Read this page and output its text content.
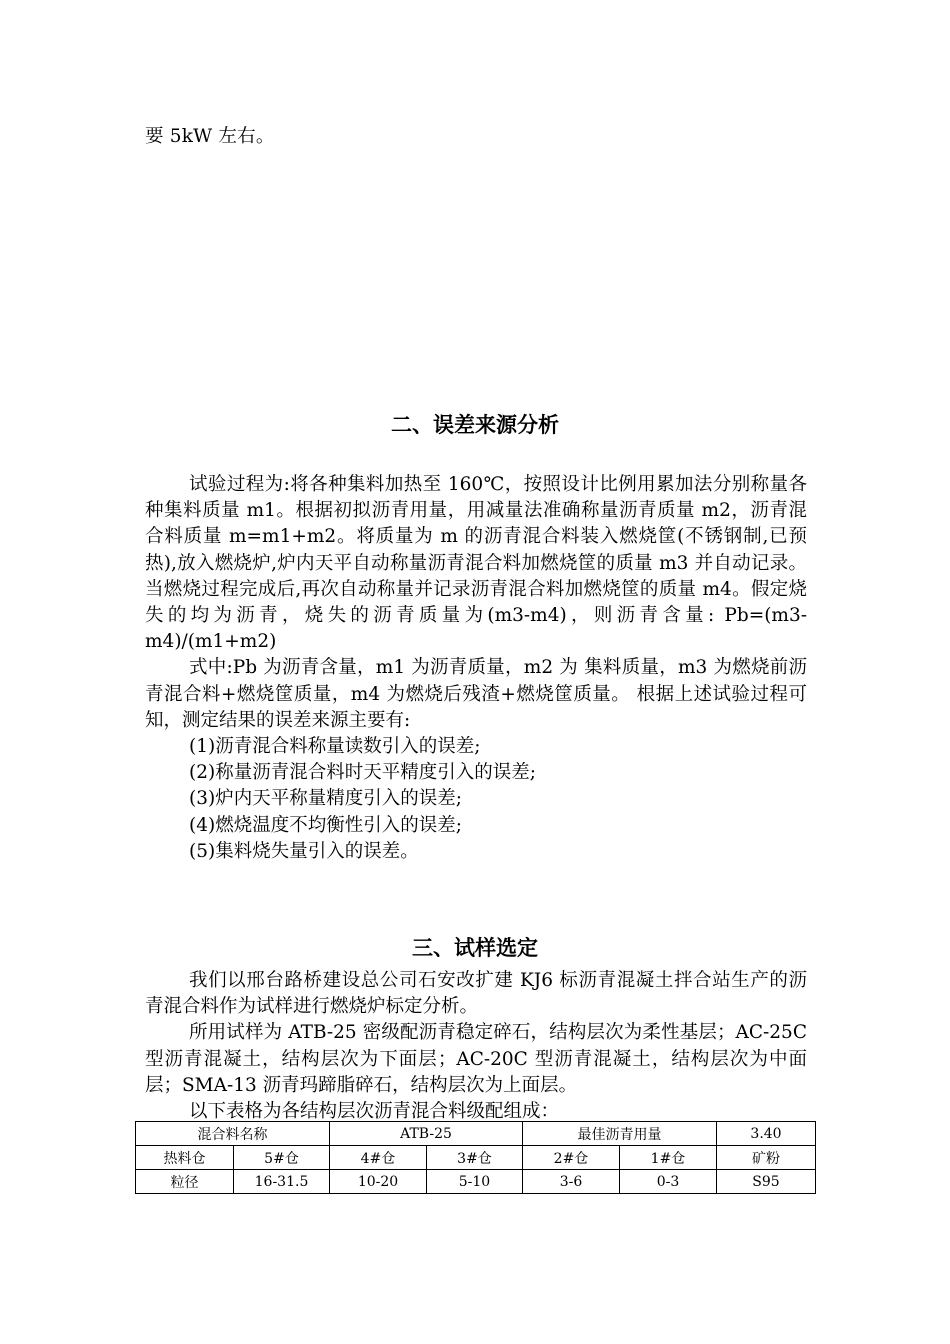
要 5kW 左右。
二、误差来源分析

试验过程为:将各种集料加热至 160℃，按照设计比例用累加法分别称量各种集料质量 m1。根据初拟沥青用量，用减量法准确称量沥青质量 m2，沥青混合料质量 m=m1+m2。将质量为 m 的沥青混合料装入燃烧筐(不锈钢制,已预热),放入燃烧炉,炉内天平自动称量沥青混合料加燃烧筐的质量 m3 并自动记录。当燃烧过程完成后,再次自动称量并记录沥青混合料加燃烧筐的质量 m4。假定烧失的均为沥青，烧失的沥青质量为(m3-m4)，则沥青含量: Pb=(m3-m4)/(m1+m2)

式中:Pb 为沥青含量，m1 为沥青质量，m2 为 集料质量，m3 为燃烧前沥青混合料+燃烧筐质量，m4 为燃烧后残渣+燃烧筐质量。 根据上述试验过程可知，测定结果的误差来源主要有:

(1)沥青混合料称量读数引入的误差;

(2)称量沥青混合料时天平精度引入的误差;

(3)炉内天平称量精度引入的误差;

(4)燃烧温度不均衡性引入的误差;

(5)集料烧失量引入的误差。

三、试样选定

我们以邢台路桥建设总公司石安改扩建 KJ6 标沥青混凝土拌合站生产的沥青混合料作为试样进行燃烧炉标定分析。

所用试样为 ATB-25 密级配沥青稳定碎石，结构层次为柔性基层；AC-25C 型沥青混凝土，结构层次为下面层；AC-20C 型沥青混凝土，结构层次为中面层；SMA-13 沥青玛蹄脂碎石，结构层次为上面层。

以下表格为各结构层次沥青混合料级配组成：

混合料名称		ATB-25		最佳沥青用量		3.40
热料仓	5#仓	4#仓	3#仓	2#仓	1#仓	矿粉
粒径	16-31.5	10-20	5-10	3-6	0-3	S95
